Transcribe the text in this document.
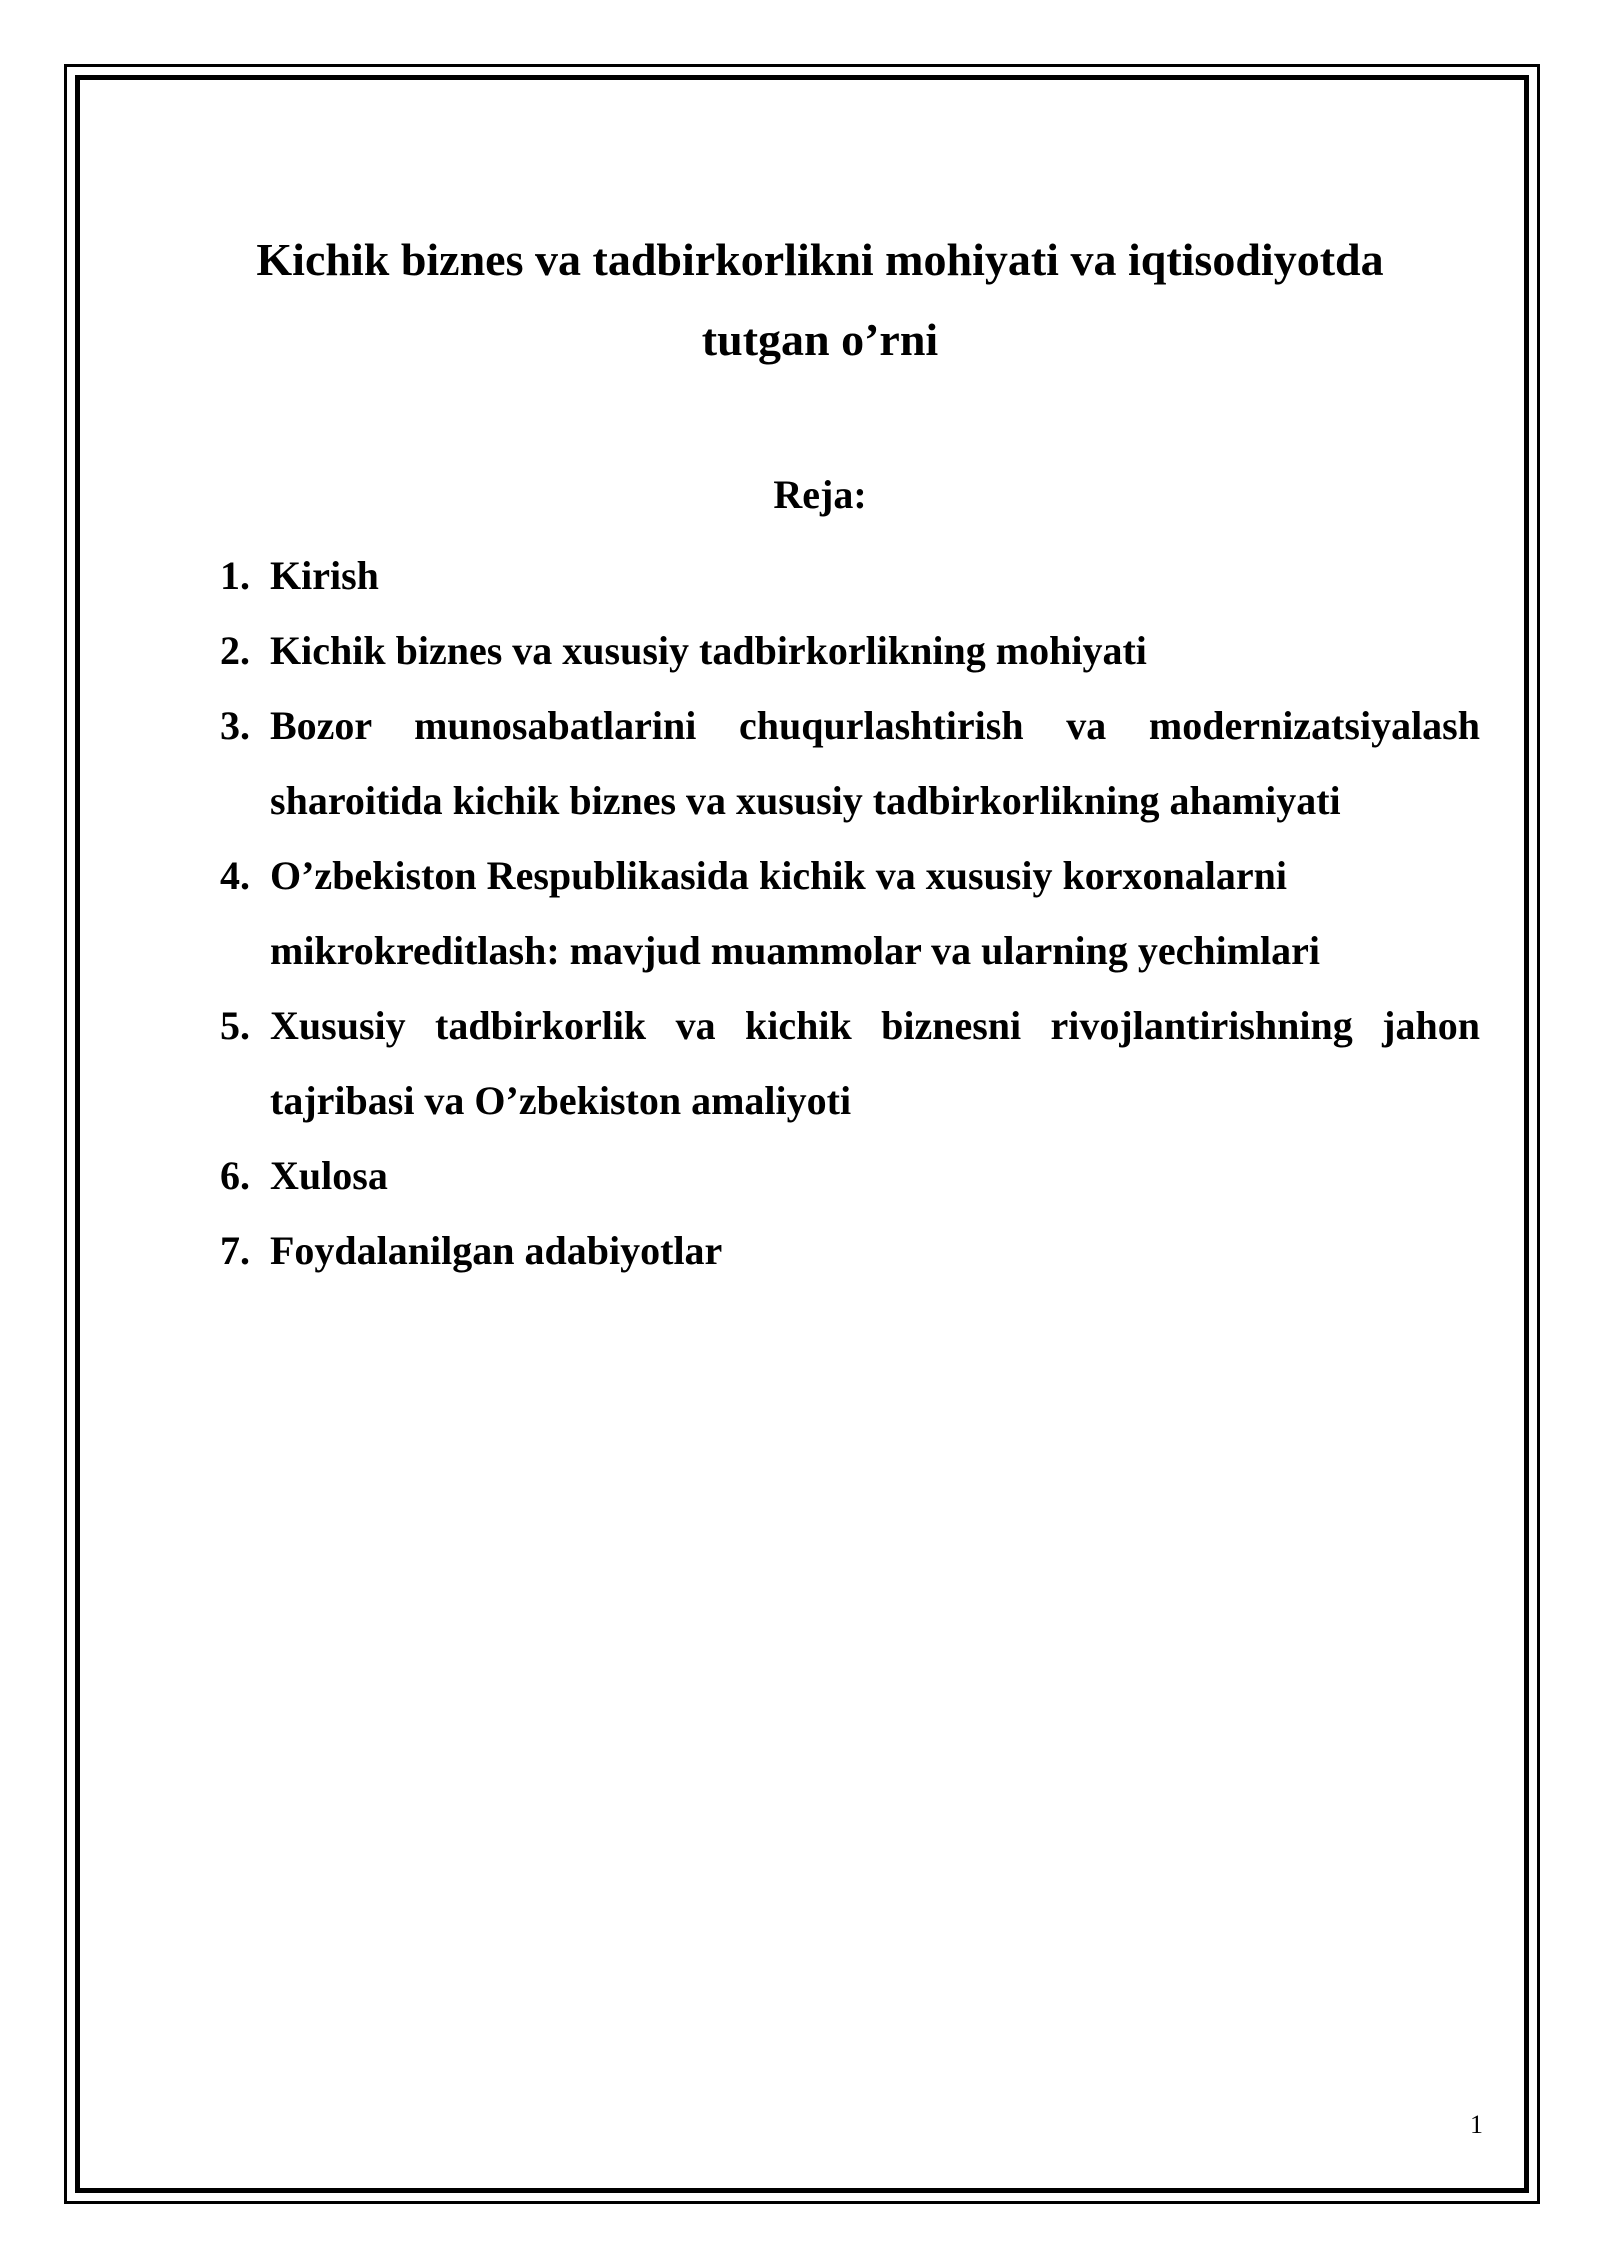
Kichik biznes va tadbirkorlikni mohiyati va iqtisodiyotda
tutgan o’rni
Reja:
1. Kirish
2. Kichik biznes va xususiy tadbirkorlikning mohiyati
3. Bozor munosabatlarini chuqurlashtirish va modernizatsiyalash
sharoitida kichik biznes va xususiy tadbirkorlikning ahamiyati
4. O’zbekiston Respublikasida kichik va xususiy korxonalarni
mikrokreditlash: mavjud muammolar va ularning yechimlari
5. Xususiy tadbirkorlik va kichik biznesni rivojlantirishning jahon
tajribasi va O’zbekiston amaliyoti
6. Xulosa
7. Foydalanilgan adabiyotlar
1
